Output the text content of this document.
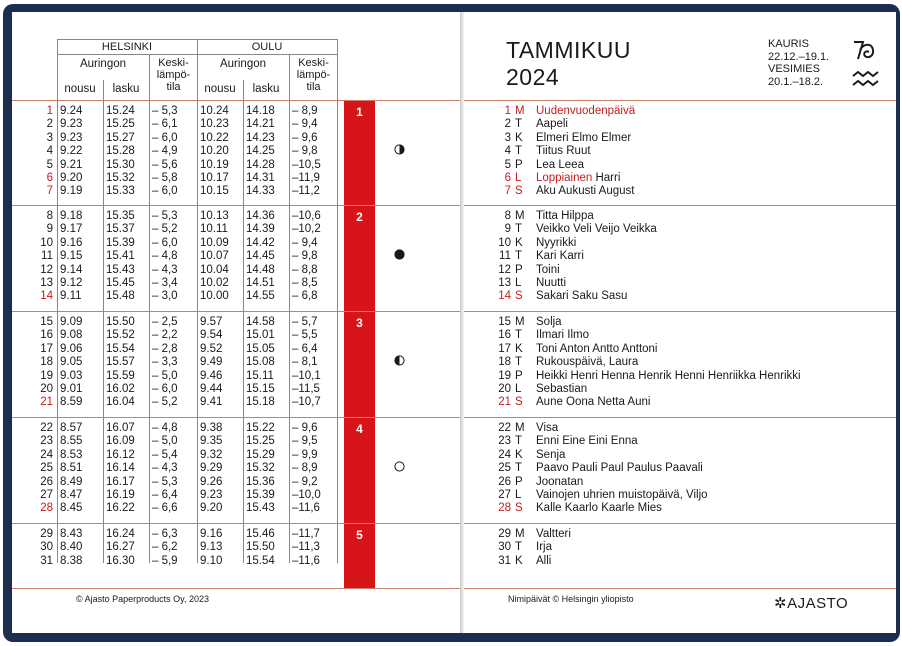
HELSINKI	OULU
Auringon	Auringon
nousu	lasku	nousu	lasku
Keski-
lämpö-
tila
Keski-
lämpö-
tila
TAMMIKUU
2024
KAURIS
22.12.–19.1.
VESIMIES
20.1.–18.2.
1
1 9.24 15.24 – 5,3 10.24 14.18 – 8,9
2 9.23 15.25 – 6,1 10.23 14.21 – 9,4
3 9.23 15.27 – 6,0 10.22 14.23 – 9,6
4 9.22 15.28 – 4,9 10.20 14.25 – 9,8
5 9.21 15.30 – 5,6 10.19 14.28 –10,5
6 9.20 15.32 – 5,8 10.17 14.31 –11,9
7 9.19 15.33 – 6,0 10.15 14.33 –11,2
1 M Uudenvuodenpäivä
2 T Aapeli
3 K Elmeri Elmo Elmer
4 T Tiitus Ruut
5 P Lea Leea
6 L Loppiainen Harri
7 S Aku Aukusti August
2
8 9.18 15.35 – 5,3 10.13 14.36 –10,6
9 9.17 15.37 – 5,2 10.11 14.39 –10,2
10 9.16 15.39 – 6,0 10.09 14.42 – 9,4
11 9.15 15.41 – 4,8 10.07 14.45 – 9,8
12 9.14 15.43 – 4,3 10.04 14.48 – 8,8
13 9.12 15.45 – 3,4 10.02 14.51 – 8,5
14 9.11 15.48 – 3,0 10.00 14.55 – 6,8
8 M Titta Hilppa
9 T Veikko Veli Veijo Veikka
10 K Nyyrikki
11 T Kari Karri
12 P Toini
13 L Nuutti
14 S Sakari Saku Sasu
3
15 9.09 15.50 – 2,5 9.57 14.58 – 5,7
16 9.08 15.52 – 2,2 9.54 15.01 – 5,5
17 9.06 15.54 – 2,8 9.52 15.05 – 6,4
18 9.05 15.57 – 3,3 9.49 15.08 – 8,1
19 9.03 15.59 – 5,0 9.46 15.11 –10,1
20 9.01 16.02 – 6,0 9.44 15.15 –11,5
21 8.59 16.04 – 5,2 9.41 15.18 –10,7
15 M Solja
16 T Ilmari Ilmo
17 K Toni Anton Antto Anttoni
18 T Rukouspäivä, Laura
19 P Heikki Henri Henna Henrik Henni Henriikka Henrikki
20 L Sebastian
21 S Aune Oona Netta Auni
4
22 8.57 16.07 – 4,8 9.38 15.22 – 9,6
23 8.55 16.09 – 5,0 9.35 15.25 – 9,5
24 8.53 16.12 – 5,4 9.32 15.29 – 9,9
25 8.51 16.14 – 4,3 9.29 15.32 – 8,9
26 8.49 16.17 – 5,3 9.26 15.36 – 9,2
27 8.47 16.19 – 6,4 9.23 15.39 –10,0
28 8.45 16.22 – 6,6 9.20 15.43 –11,6
22 M Visa
23 T Enni Eine Eini Enna
24 K Senja
25 T Paavo Pauli Paul Paulus Paavali
26 P Joonatan
27 L Vainojen uhrien muistopäivä, Viljo
28 S Kalle Kaarlo Kaarle Mies
5
29 8.43 16.24 – 6,3 9.16 15.46 –11,7
30 8.40 16.27 – 6,2 9.13 15.50 –11,3
31 8.38 16.30 – 5,9 9.10 15.54 –11,6
29 M Valtteri
30 T Irja
31 K Alli
© Ajasto Paperproducts Oy, 2023	Nimipäivät © Helsingin yliopisto	✲AJASTO
